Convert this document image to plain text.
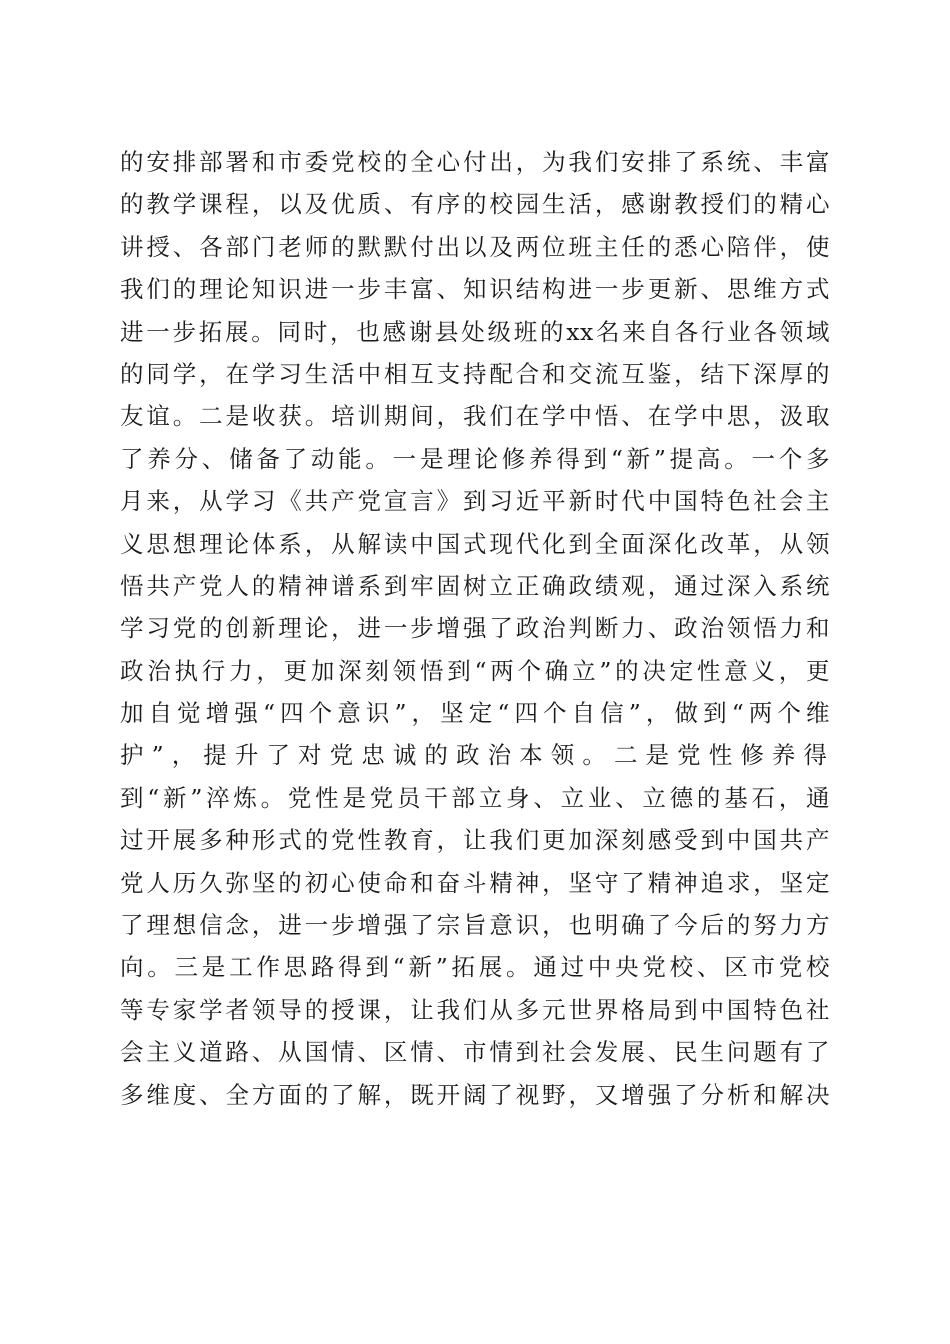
的安排部署和市委党校的全心付出，为我们安排了系统、丰富
的教学课程，以及优质、有序的校园生活，感谢教授们的精心
讲授、各部门老师的默默付出以及两位班主任的悉心陪伴，使
我们的理论知识进一步丰富、知识结构进一步更新、思维方式
进一步拓展。同时，也感谢县处级班的xx名来自各行业各领域
的同学，在学习生活中相互支持配合和交流互鉴，结下深厚的
友谊。二是收获。培训期间，我们在学中悟、在学中思，汲取
了养分、储备了动能。一是理论修养得到“新”提高。一个多
月来，从学习《共产党宣言》到习近平新时代中国特色社会主
义思想理论体系，从解读中国式现代化到全面深化改革，从领
悟共产党人的精神谱系到牢固树立正确政绩观，通过深入系统
学习党的创新理论，进一步增强了政治判断力、政治领悟力和
政治执行力，更加深刻领悟到“两个确立”的决定性意义，更
加自觉增强“四个意识”，坚定“四个自信”，做到“两个维
护”，提升了对党忠诚的政治本领。二是党性修养得
到“新”淬炼。党性是党员干部立身、立业、立德的基石，通
过开展多种形式的党性教育，让我们更加深刻感受到中国共产
党人历久弥坚的初心使命和奋斗精神，坚守了精神追求，坚定
了理想信念，进一步增强了宗旨意识，也明确了今后的努力方
向。三是工作思路得到“新”拓展。通过中央党校、区市党校
等专家学者领导的授课，让我们从多元世界格局到中国特色社
会主义道路、从国情、区情、市情到社会发展、民生问题有了
多维度、全方面的了解，既开阔了视野，又增强了分析和解决
